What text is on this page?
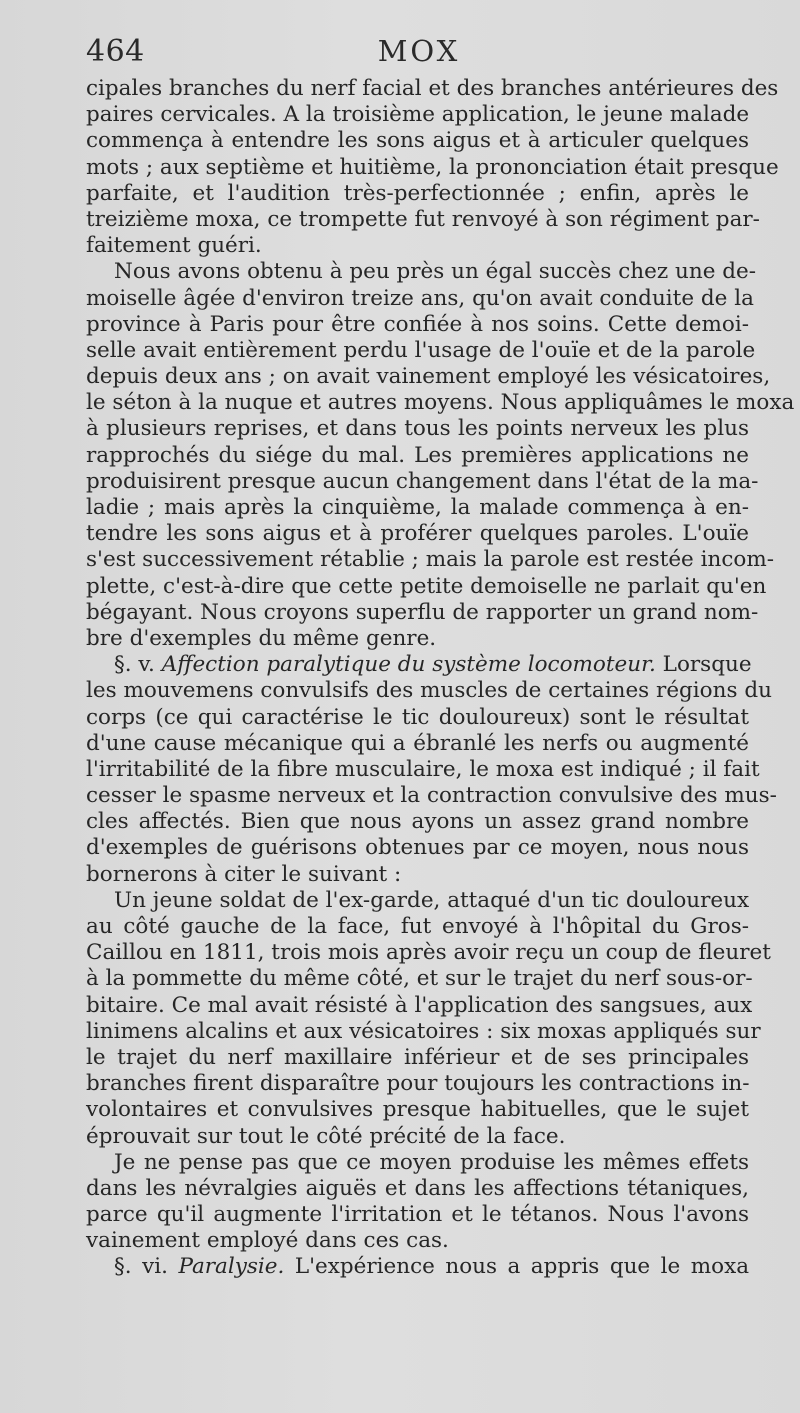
464	MOX
cipales branches du nerf facial et des branches antérieures des
paires cervicales. A la troisième application, le jeune malade
commença à entendre les sons aigus et à articuler quelques
mots ; aux septième et huitième, la prononciation était presque
parfaite, et l'audition très-perfectionnée ; enfin, après le
treizième moxa, ce trompette fut renvoyé à son régiment par-
faitement guéri.
Nous avons obtenu à peu près un égal succès chez une de-
moiselle âgée d'environ treize ans, qu'on avait conduite de la
province à Paris pour être confiée à nos soins. Cette demoi-
selle avait entièrement perdu l'usage de l'ouïe et de la parole
depuis deux ans ; on avait vainement employé les vésicatoires,
le séton à la nuque et autres moyens. Nous appliquâmes le moxa
à plusieurs reprises, et dans tous les points nerveux les plus
rapprochés du siége du mal. Les premières applications ne
produisirent presque aucun changement dans l'état de la ma-
ladie ; mais après la cinquième, la malade commença à en-
tendre les sons aigus et à proférer quelques paroles. L'ouïe
s'est successivement rétablie ; mais la parole est restée incom-
plette, c'est-à-dire que cette petite demoiselle ne parlait qu'en
bégayant. Nous croyons superflu de rapporter un grand nom-
bre d'exemples du même genre.
§. v. Affection paralytique du système locomoteur. Lorsque
les mouvemens convulsifs des muscles de certaines régions du
corps (ce qui caractérise le tic douloureux) sont le résultat
d'une cause mécanique qui a ébranlé les nerfs ou augmenté
l'irritabilité de la fibre musculaire, le moxa est indiqué ; il fait
cesser le spasme nerveux et la contraction convulsive des mus-
cles affectés. Bien que nous ayons un assez grand nombre
d'exemples de guérisons obtenues par ce moyen, nous nous
bornerons à citer le suivant :
Un jeune soldat de l'ex-garde, attaqué d'un tic douloureux
au côté gauche de la face, fut envoyé à l'hôpital du Gros-
Caillou en 1811, trois mois après avoir reçu un coup de fleuret
à la pommette du même côté, et sur le trajet du nerf sous-or-
bitaire. Ce mal avait résisté à l'application des sangsues, aux
linimens alcalins et aux vésicatoires : six moxas appliqués sur
le trajet du nerf maxillaire inférieur et de ses principales
branches firent disparaître pour toujours les contractions in-
volontaires et convulsives presque habituelles, que le sujet
éprouvait sur tout le côté précité de la face.
Je ne pense pas que ce moyen produise les mêmes effets
dans les névralgies aiguës et dans les affections tétaniques,
parce qu'il augmente l'irritation et le tétanos. Nous l'avons
vainement employé dans ces cas.
§. vi. Paralysie. L'expérience nous a appris que le moxa
